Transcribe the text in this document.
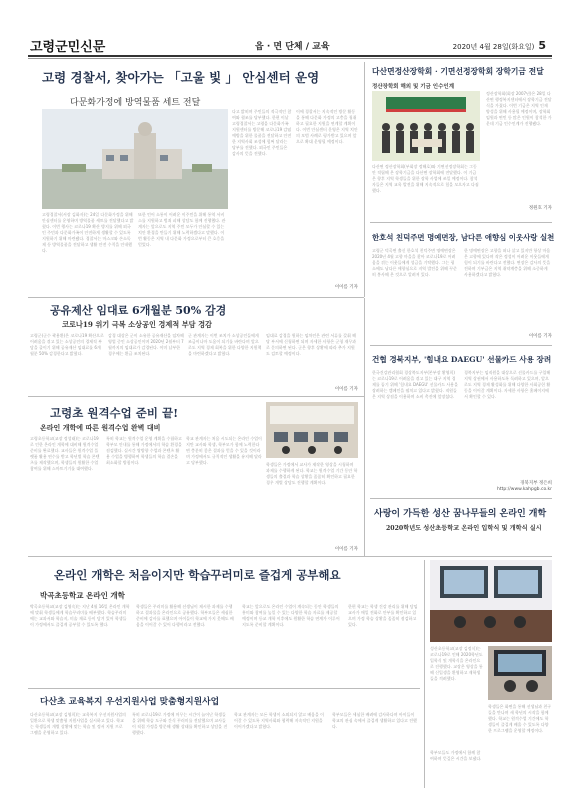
고령군민신문	읍 · 면 단체 / 교육	2020년 4월 28일(화요일) 5
고령 경찰서, 찾아가는 「고울 빛 」 안심센터 운영
다문화가정에 방역물품 세트 전달

고령경찰서(서장 김화자)는 24일 다문화가정을 위해 안심센터를 운영하며 방역물품 세트를 전달했다고 밝혔다. 이번 행사는 코로나19 확산 방지를 위해 외국인 주민과 다문화가족이 안전하게 생활할 수 있도록 지원하기 위해 마련됐다. 경찰서는 마스크와 손소독제 등 방역물품을 전달하고 생활 안전 수칙을 안내했다.

또한 언어 소통이 어려운 이주민을 위해 통역 서비스를 지원하고 범죄 피해 상담도 함께 진행했다. 관계자는 앞으로도 지역 주민 모두가 안심할 수 있는 치안 환경을 만들기 위해 노력하겠다고 말했다. 이번 활동은 지역 내 다문화 가정으로부터 큰 호응을 얻었다.

다고 밝히며 주민들의 적극적인 참여와 협조를 당부했다. 한편 이날 고령경찰서는 고령읍 다문화가족지원센터를 방문해 코로나19 감염 예방을 위한 물품을 전달하고 안전한 지역사회 조성에 힘써 달라는 당부를 전했다. 외국인 주민들은 감사의 뜻을 전했다.

이에 경찰서는 지속적인 방문 활동을 통해 다문화 가정의 고충을 청취하고 필요한 지원을 연계할 계획이다. 이번 안심센터 운영은 지역 치안의 모범 사례로 평가받고 있으며 앞으로 확대 운영될 예정이다.

이이름 기자
다산면정산장학회 · 기면선정장학회 장학기금 전달
정산장학회 해외 및 기금 인수인계

정산장학회(회장 2007년)은 28일 다산면 행정복지센터에서 장학기금 전달식을 가졌다. 이번 기금은 지역 인재 양성을 위해 사용될 예정이며, 장학회 임원과 면민 등 많은 인원이 참석한 가운데 기금 인수인계가 진행됐다.

다산면 정산장학회(부회장 정해호)와 기면선정장학회는 그동안 적립해 온 장학기금을 다산면 장학회에 전달했다. 이 기금은 향후 지역 학생들을 위한 장학 사업에 쓰일 예정이다. 참석자들은 지역 교육 발전을 위해 지속적으로 힘을 모으자고 다짐했다.

정원호 기자
한호석 친덕주면 명예면장, 남다른 애향심 이웃사랑 실천

고령군 덕곡면 출신 한호석 친덕주면 명예면장은 2020년 4월 고향 마을을 찾아 코로나19로 어려움을 겪는 이웃들에게 성금을 기탁했다. 그는 평소에도 남다른 애향심으로 지역 발전을 위해 꾸준히 봉사해 온 것으로 알려져 있다.

한 명예면장은 고향을 떠나 살고 있지만 항상 마음은 고향에 있다며 작은 정성이 어려운 이웃들에게 힘이 되기를 바란다고 전했다. 면장은 감사의 뜻을 전하며 기부금은 지역 취약계층을 위해 소중하게 사용하겠다고 밝혔다.

이이름 기자
공유제산 임대료 6개월분 50% 감경
코로나19 위기 극복 소상공인 경제적 부담 경감

고령군(군수 곽용환)은 코로나19 확산으로 어려움을 겪고 있는 소상공인의 경제적 부담을 줄이기 위해 공유재산 임대료를 6개월분 50% 감경한다고 밝혔다.

감경 대상은 군이 소유한 공유재산을 임차해 영업 중인 소상공인이며 2020년 2월부터 7월까지의 임대료가 감경된다. 이미 납부한 경우에는 환급 조치된다.

군 관계자는 이번 조치가 소상공인들에게 조금이나마 도움이 되기를 바란다며 앞으로도 지역 경제 회복을 위한 다양한 지원책을 마련하겠다고 밝혔다.

임대료 감경을 원하는 임차인은 관련 서류를 갖춰 해당 부서에 신청하면 되며 자세한 사항은 군청 재무과로 문의하면 된다. 군은 향후 상황에 따라 추가 지원도 검토할 예정이다.

이이름 기자
고령초 원격수업 준비 끝!
온라인 개학에 따른 원격수업 완벽 대비

고령초등학교(교장 정성태)는 코로나19로 인한 온라인 개학에 대비해 원격수업 준비를 완료했다. 교사들은 원격수업 플랫폼 활용 연수를 받고 학년별 학습 콘텐츠를 제작했으며, 학생들의 원활한 수업 참여를 위해 스마트기기를 대여했다.

특히 학교는 원격수업 운영 계획을 수립하고 학부모 안내를 통해 가정에서의 학습 환경을 점검했다. 실시간 쌍방향 수업과 콘텐츠 활용 수업을 병행하여 학생들의 학습 결손을 최소화할 방침이다.

학교 관계자는 처음 시도되는 온라인 수업이지만 교사와 학생, 학부모가 함께 노력한다면 충분히 좋은 결과를 얻을 수 있을 것이라며 가정에서도 규칙적인 생활을 유지해 달라고 당부했다.	학생들은 가정에서 교사가 제작한 영상을 시청하며 과제를 수행하게 된다. 학교는 원격수업 기간 동안 학생들의 출결과 학습 상황을 꼼꼼히 확인하고 필요한 경우 개별 상담도 진행할 계획이다.

이이름 기자
건협 경북지부, '힘내요 DAEGU' 선물카드 사용 장려

한국건강관리협회 경상북도지부(본부장 황영희)는 코로나19로 어려움을 겪고 있는 대구 지역 경제를 돕기 위해 '힘내요 DAEGU' 선물카드 사용을 장려하는 캠페인을 펼치고 있다고 밝혔다. 직원들은 지역 상점을 이용하며 소비 촉진에 앞장섰다.

경북지부는 임직원을 대상으로 선물카드를 구입해 지역 상권에서 사용하도록 독려하고 있으며, 앞으로도 지역 경제 활성화를 위해 다양한 사회공헌 활동을 이어갈 계획이다. 자세한 사항은 홈페이지에서 확인할 수 있다.

경북지부 정은희
http://www.kahpgb.co.kr
사랑이 가득한 성산 꿈나무들의 온라인 개학
2020학년도 성산초등학교 온라인 입학식 및 개학식 실시
온라인 개학은 처음이지만 학습꾸러미로 즐겁게 공부해요
박곡초등학교 온라인 개학

박곡초등학교(교장 김영숙)는 지난 4월 16일 온라인 개학에 맞춰 학생들에게 학습꾸러미를 배부했다. 학습꾸러미에는 교과서와 학습지, 미술 재료 등이 담겨 있어 학생들이 가정에서도 즐겁게 공부할 수 있도록 했다.

학생들은 꾸러미를 활용해 선생님이 제시한 과제를 수행하고 결과물을 온라인으로 공유했다. 학부모들은 세심한 준비에 감사를 표했으며 아이들이 학교에 가지 못해도 배움을 이어갈 수 있어 다행이라고 전했다.

학교는 앞으로도 온라인 수업이 계속되는 동안 학생들의 흥미와 참여를 높일 수 있는 다양한 학습 자료를 제공할 예정이며 등교 개학 이후에도 원활한 학습 연계가 이루어지도록 준비할 계획이다.

한편 학교는 학생 건강 관리를 위해 담임교사가 매일 전화로 안부를 확인하고 있으며 가정 학습 상황을 꼼꼼히 점검하고 있다.

다산초 교육복지 우선지원사업 맞춤형지원사업

다산초등학교(교장 김영희)는 교육복지 우선지원사업의 일환으로 학생 맞춤형 지원사업을 실시하고 있다. 학교는 학생들의 개별 상황에 맞는 학습 및 정서 지원 프로그램을 운영하고 있다.

특히 코로나19로 가정에 머무는 시간이 늘어난 학생들을 위해 학습 도구와 간식 꾸러미를 전달했으며 교사들이 직접 가정을 방문해 생활 상태를 확인하고 상담을 진행했다.

학교 관계자는 모든 학생이 소외되지 않고 배움을 이어갈 수 있도록 지역사회와 협력해 지속적인 지원을 이어가겠다고 밝혔다.

학부모들은 세심한 배려에 감사하다며 아이들이 학교의 관심 속에서 즐겁게 생활하고 있다고 전했다.

성산초등학교(교장 김정식)는 코로나19로 인해 2020학년도 입학식 및 개학식을 온라인으로 진행했다. 교장은 영상을 통해 신입생을 환영하고 재학생들을 격려했다.

학생들은 화면을 통해 선생님과 친구들을 만나며 새 학년의 시작을 함께했다. 학교는 원격수업 기간에도 학생들이 즐겁게 배울 수 있도록 다양한 프로그램을 운영할 예정이다.

학부모들도 가정에서 함께 참여하며 뜻깊은 시간을 보냈다.
